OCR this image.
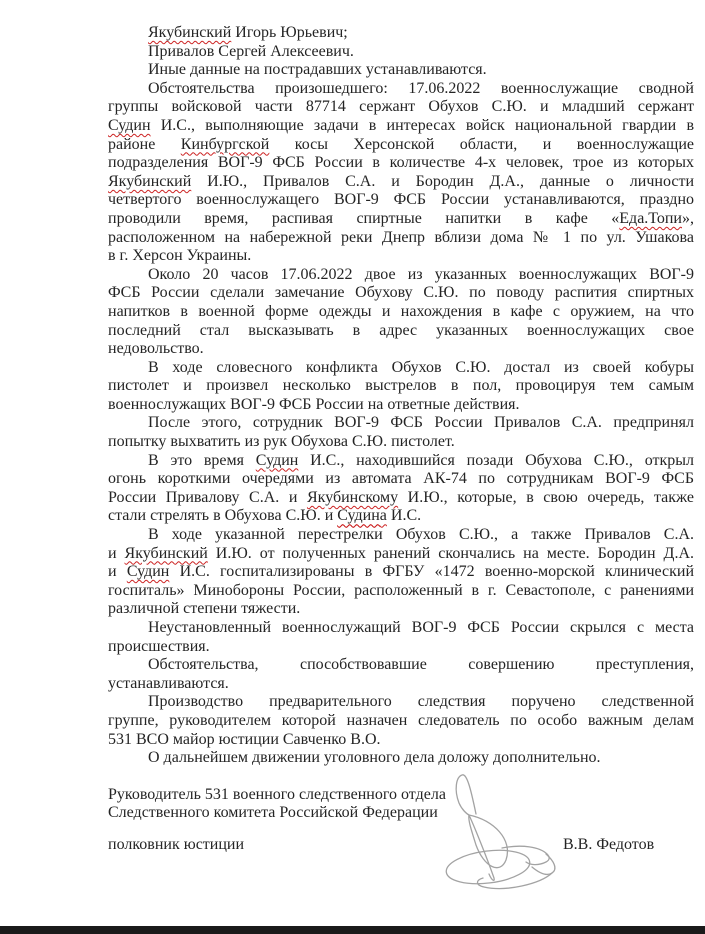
Якубинский Игорь Юрьевич;
Привалов Сергей Алексеевич.
Иные данные на пострадавших устанавливаются.
Обстоятельства произошедшего: 17.06.2022 военнослужащие сводной
группы войсковой части 87714 сержант Обухов С.Ю. и младший сержант
Судин И.С., выполняющие задачи в интересах войск национальной гвардии в
районе Кинбургской косы Херсонской области, и военнослужащие
подразделения ВОГ-9 ФСБ России в количестве 4-х человек, трое из которых
Якубинский И.Ю., Привалов С.А. и Бородин Д.А., данные о личности
четвертого военнослужащего ВОГ-9 ФСБ России устанавливаются, праздно
проводили время, распивая спиртные напитки в кафе «Еда.Топи»,
расположенном на набережной реки Днепр вблизи дома № 1 по ул. Ушакова
в г. Херсон Украины.
Около 20 часов 17.06.2022 двое из указанных военнослужащих ВОГ-9
ФСБ России сделали замечание Обухову С.Ю. по поводу распития спиртных
напитков в военной форме одежды и нахождения в кафе с оружием, на что
последний стал высказывать в адрес указанных военнослужащих свое
недовольство.
В ходе словесного конфликта Обухов С.Ю. достал из своей кобуры
пистолет и произвел несколько выстрелов в пол, провоцируя тем самым
военнослужащих ВОГ-9 ФСБ России на ответные действия.
После этого, сотрудник ВОГ-9 ФСБ России Привалов С.А. предпринял
попытку выхватить из рук Обухова С.Ю. пистолет.
В это время Судин И.С., находившийся позади Обухова С.Ю., открыл
огонь короткими очередями из автомата АК-74 по сотрудникам ВОГ-9 ФСБ
России Привалову С.А. и Якубинскому И.Ю., которые, в свою очередь, также
стали стрелять в Обухова С.Ю. и Судина И.С.
В ходе указанной перестрелки Обухов С.Ю., а также Привалов С.А.
и Якубинский И.Ю. от полученных ранений скончались на месте. Бородин Д.А.
и Судин И.С. госпитализированы в ФГБУ «1472 военно-морской клинический
госпиталь» Минобороны России, расположенный в г. Севастополе, с ранениями
различной степени тяжести.
Неустановленный военнослужащий ВОГ-9 ФСБ России скрылся с места
происшествия.
Обстоятельства, способствовавшие совершению преступления,
устанавливаются.
Производство предварительного следствия поручено следственной
группе, руководителем которой назначен следователь по особо важным делам
531 ВСО майор юстиции Савченко В.О.
О дальнейшем движении уголовного дела доложу дополнительно.
Руководитель 531 военного следственного отдела
Следственного комитета Российской Федерации
полковник юстиции	В.В. Федотов
